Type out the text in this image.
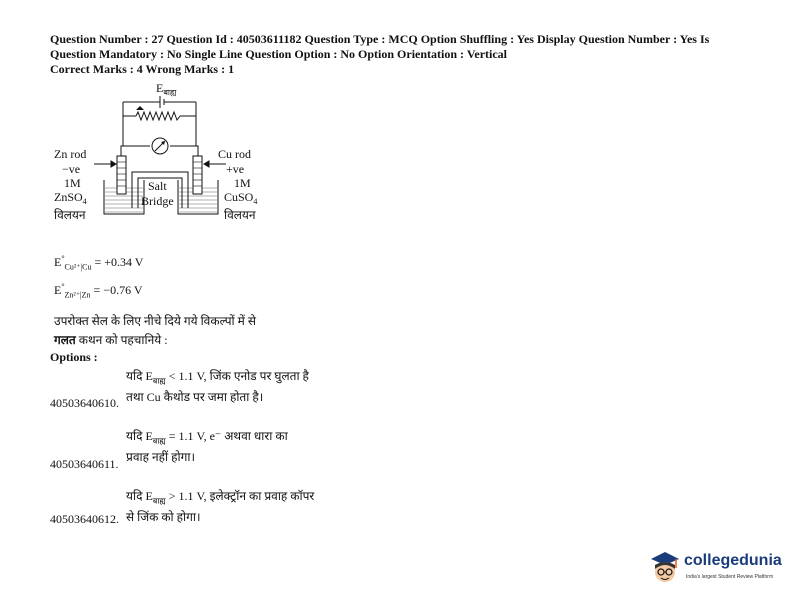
Question Number : 27 Question Id : 40503611182 Question Type : MCQ Option Shuffling : Yes Display Question Number : Yes Is
Question Mandatory : No Single Line Question Option : No Option Orientation : Vertical
Correct Marks : 4 Wrong Marks : 1
$E_{बाह्य}$
Zn rod
−ve
1M
ZnSO$_4$
विलयन
Cu rod
+ve
1M
CuSO$_4$
विलयन
Salt
Bridge
$E^\circ_{Cu^{2+}|Cu} = +0.34$ V
$E^\circ_{Zn^{2+}|Zn} = -0.76$ V
उपरोक्त सेल के लिए नीचे दिये गये विकल्पों में से
गलत कथन को पहचानिये :
Options :
यदि $E_{बाह्य} < 1.1$ V, जिंक एनोड पर घुलता है
तथा Cu कैथोड पर जमा होता है।
40503640610.
यदि $E_{बाह्य} = 1.1$ V, e⁻ अथवा धारा का
प्रवाह नहीं होगा।
40503640611.
यदि $E_{बाह्य} > 1.1$ V, इलेक्ट्रॉन का प्रवाह कॉपर
से जिंक को होगा।
40503640612.
collegedunia
India's largest Student Review Platform
